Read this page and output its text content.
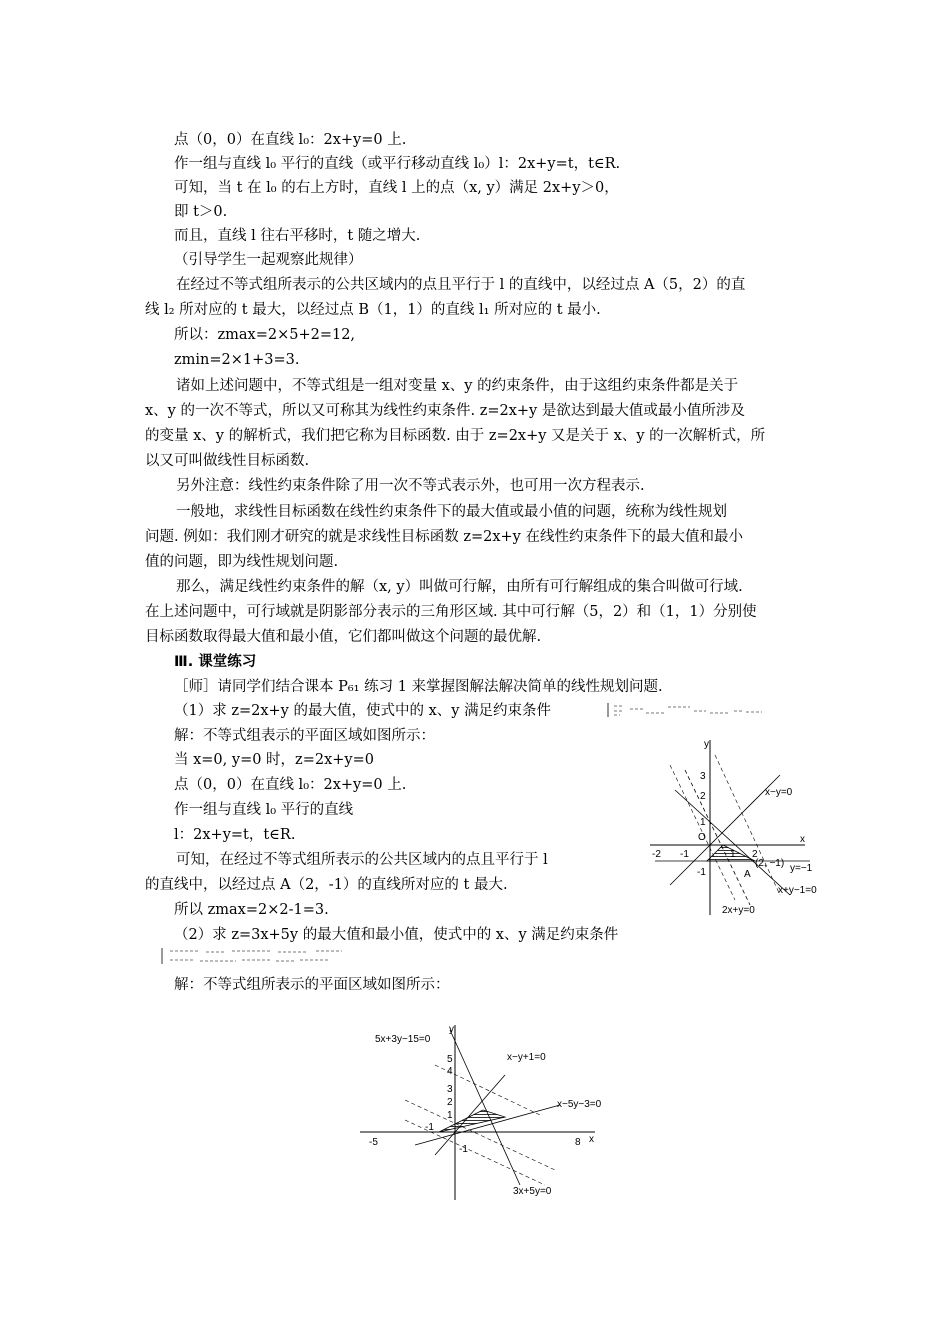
点（0，0）在直线 l₀：2x+y=0 上.
作一组与直线 l₀ 平行的直线（或平行移动直线 l₀）l：2x+y=t，t∈R.
可知，当 t 在 l₀ 的右上方时，直线 l 上的点（x, y）满足 2x+y＞0，
即 t＞0.
而且，直线 l 往右平移时，t 随之增大.
（引导学生一起观察此规律）
在经过不等式组所表示的公共区域内的点且平行于 l 的直线中，以经过点 A（5，2）的直
线 l₂ 所对应的 t 最大，以经过点 B（1，1）的直线 l₁ 所对应的 t 最小.
所以：zmax=2×5+2=12,
zmin=2×1+3=3.
诸如上述问题中，不等式组是一组对变量 x、y 的约束条件，由于这组约束条件都是关于
x、y 的一次不等式，所以又可称其为线性约束条件. z=2x+y 是欲达到最大值或最小值所涉及
的变量 x、y 的解析式，我们把它称为目标函数. 由于 z=2x+y 又是关于 x、y 的一次解析式，所
以又可叫做线性目标函数.
另外注意：线性约束条件除了用一次不等式表示外，也可用一次方程表示.
一般地，求线性目标函数在线性约束条件下的最大值或最小值的问题，统称为线性规划
问题. 例如：我们刚才研究的就是求线性目标函数 z=2x+y 在线性约束条件下的最大值和最小
值的问题，即为线性规划问题.
那么，满足线性约束条件的解（x, y）叫做可行解，由所有可行解组成的集合叫做可行域.
在上述问题中，可行域就是阴影部分表示的三角形区域. 其中可行解（5，2）和（1，1）分别使
目标函数取得最大值和最小值，它们都叫做这个问题的最优解.
Ⅲ. 课堂练习
［师］请同学们结合课本 P₆₁ 练习 1 来掌握图解法解决简单的线性规划问题.
（1）求 z=2x+y 的最大值，使式中的 x、y 满足约束条件
解：不等式组表示的平面区域如图所示：
当 x=0, y=0 时，z=2x+y=0
点（0，0）在直线 l₀：2x+y=0 上.
作一组与直线 l₀ 平行的直线
l：2x+y=t，t∈R.
可知，在经过不等式组所表示的公共区域内的点且平行于 l
的直线中，以经过点 A（2，-1）的直线所对应的 t 最大.
所以 zmax=2×2-1=3.
（2）求 z=3x+5y 的最大值和最小值，使式中的 x、y 满足约束条件
解：不等式组所表示的平面区域如图所示：
y
x
O
3
2
1
-1
-2 -1	1 2
x−y=0
y=−1
x+y−1=0
2x+y=0
A
(2, −1)
y
x
5
4
3
2
1
-1
-5
-1
8
5x+3y−15=0
x−y+1=0
x−5y−3=0
3x+5y=0
